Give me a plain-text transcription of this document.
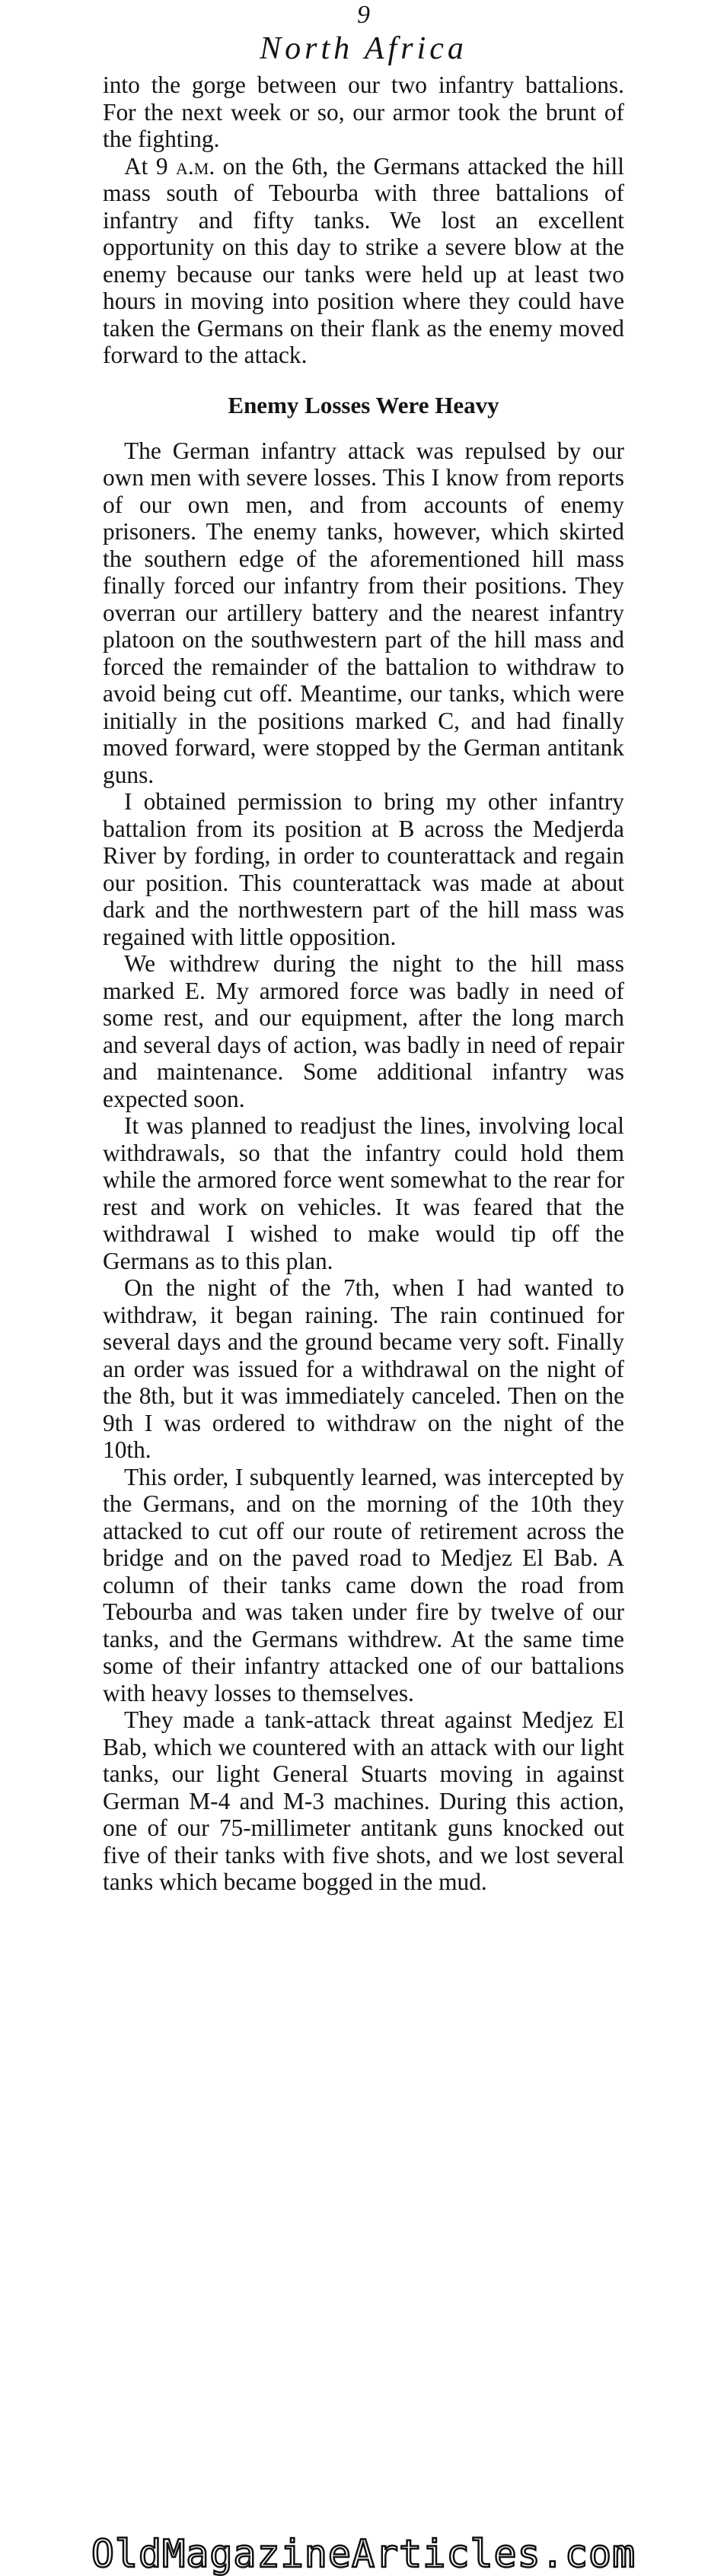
9
North Africa

into the gorge between our two infantry battalions. For the next week or so, our armor took the brunt of the fighting.

At 9 a.m. on the 6th, the Germans attacked the hill mass south of Tebourba with three battalions of infantry and fifty tanks. We lost an excellent opportunity on this day to strike a severe blow at the enemy because our tanks were held up at least two hours in moving into position where they could have taken the Germans on their flank as the enemy moved forward to the attack.

Enemy Losses Were Heavy

The German infantry attack was repulsed by our own men with severe losses. This I know from reports of our own men, and from accounts of enemy prisoners. The enemy tanks, however, which skirted the southern edge of the aforementioned hill mass finally forced our infantry from their positions. They overran our artillery battery and the nearest infantry platoon on the southwestern part of the hill mass and forced the remainder of the battalion to withdraw to avoid being cut off. Meantime, our tanks, which were initially in the positions marked C, and had finally moved forward, were stopped by the German antitank guns.

I obtained permission to bring my other infantry battalion from its position at B across the Medjerda River by fording, in order to counterattack and regain our position. This counterattack was made at about dark and the northwestern part of the hill mass was regained with little opposition.

We withdrew during the night to the hill mass marked E. My armored force was badly in need of some rest, and our equipment, after the long march and several days of action, was badly in need of repair and maintenance. Some additional infantry was expected soon.

It was planned to readjust the lines, involving local withdrawals, so that the infantry could hold them while the armored force went somewhat to the rear for rest and work on vehicles. It was feared that the withdrawal I wished to make would tip off the Germans as to this plan.

On the night of the 7th, when I had wanted to withdraw, it began raining. The rain continued for several days and the ground became very soft. Finally an order was issued for a withdrawal on the night of the 8th, but it was immediately canceled. Then on the 9th I was ordered to withdraw on the night of the 10th.

This order, I subquently learned, was intercepted by the Germans, and on the morning of the 10th they attacked to cut off our route of retirement across the bridge and on the paved road to Medjez El Bab. A column of their tanks came down the road from Tebourba and was taken under fire by twelve of our tanks, and the Germans withdrew. At the same time some of their infantry attacked one of our battalions with heavy losses to themselves.

They made a tank-attack threat against Medjez El Bab, which we countered with an attack with our light tanks, our light General Stuarts moving in against German M-4 and M-3 machines. During this action, one of our 75-millimeter antitank guns knocked out five of their tanks with five shots, and we lost several tanks which became bogged in the mud.

OldMagazineArticles.com
